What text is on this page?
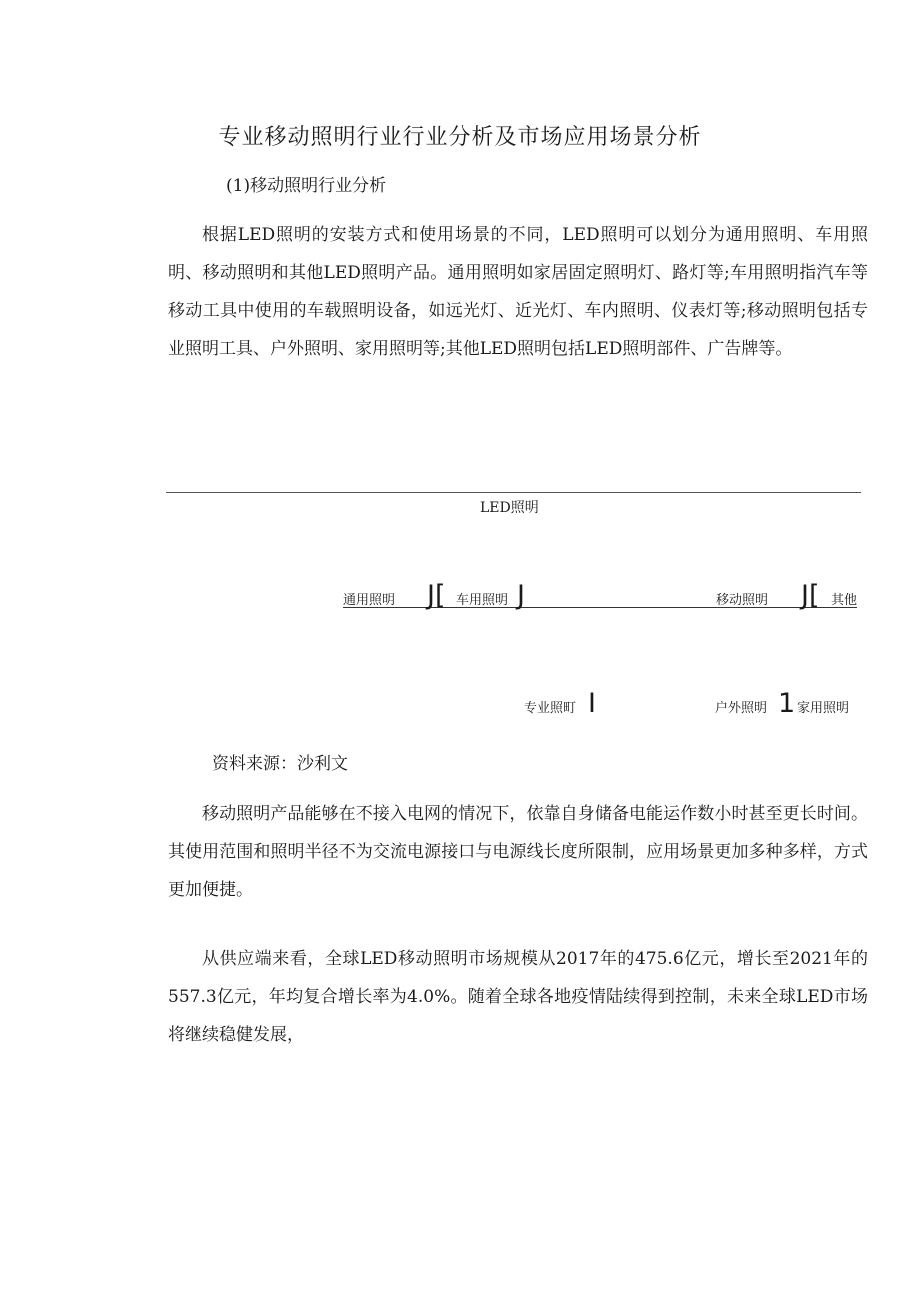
专业移动照明行业行业分析及市场应用场景分析
(1)移动照明行业分析

根据LED照明的安装方式和使用场景的不同，LED照明可以划分为通用照明、车用照明、移动照明和其他LED照明产品。通用照明如家居固定照明灯、路灯等;车用照明指汽车等移动工具中使用的车载照明设备，如远光灯、近光灯、车内照明、仪表灯等;移动照明包括专业照明工具、户外照明、家用照明等;其他LED照明包括LED照明部件、广告牌等。

LED照明
通用照明 J[ 车用照明 J	移动照明 J[ 其他
专业照町 I	户外照明 1 家用照明
资料来源：沙利文

移动照明产品能够在不接入电网的情况下，依靠自身储备电能运作数小时甚至更长时间。其使用范围和照明半径不为交流电源接口与电源线长度所限制，应用场景更加多种多样，方式更加便捷。

从供应端来看，全球LED移动照明市场规模从2017年的475.6亿元，增长至2021年的557.3亿元，年均复合增长率为4.0%。随着全球各地疫情陆续得到控制，未来全球LED市场将继续稳健发展，
